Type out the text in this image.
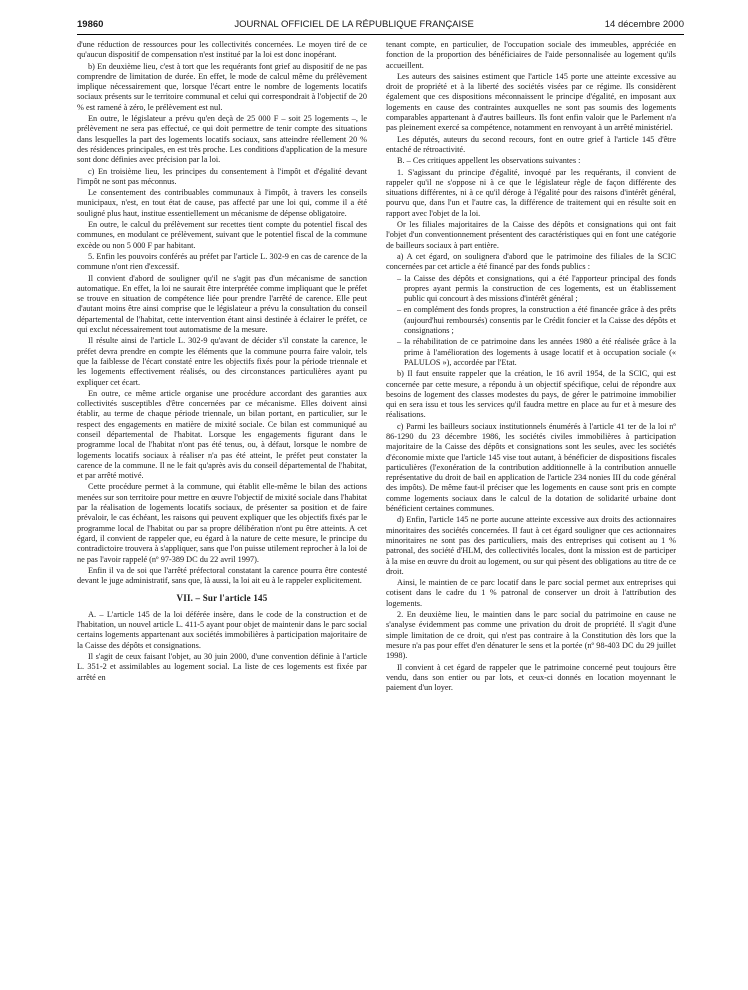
19860	JOURNAL OFFICIEL DE LA RÉPUBLIQUE FRANÇAISE	14 décembre 2000

d'une réduction de ressources pour les collectivités concernées. Le moyen tiré de ce qu'aucun dispositif de compensation n'est institué par la loi est donc inopérant.

b) En deuxième lieu, c'est à tort que les requérants font grief au dispositif de ne pas comprendre de limitation de durée. En effet, le mode de calcul même du prélèvement implique nécessairement que, lorsque l'écart entre le nombre de logements locatifs sociaux présents sur le territoire communal et celui qui correspondrait à l'objectif de 20 % est ramené à zéro, le prélèvement est nul.

En outre, le législateur a prévu qu'en deçà de 25 000 F – soit 25 logements –, le prélèvement ne sera pas effectué, ce qui doit permettre de tenir compte des situations dans lesquelles la part des logements locatifs sociaux, sans atteindre réellement 20 % des résidences principales, en est très proche. Les conditions d'application de la mesure sont donc définies avec précision par la loi.

c) En troisième lieu, les principes du consentement à l'impôt et d'égalité devant l'impôt ne sont pas méconnus.

Le consentement des contribuables communaux à l'impôt, à travers les conseils municipaux, n'est, en tout état de cause, pas affecté par une loi qui, comme il a été souligné plus haut, institue essentiellement un mécanisme de dépense obligatoire.

En outre, le calcul du prélèvement sur recettes tient compte du potentiel fiscal des communes, en modulant ce prélèvement, suivant que le potentiel fiscal de la commune excède ou non 5 000 F par habitant.

5. Enfin les pouvoirs conférés au préfet par l'article L. 302-9 en cas de carence de la commune n'ont rien d'excessif.

Il convient d'abord de souligner qu'il ne s'agit pas d'un mécanisme de sanction automatique. En effet, la loi ne saurait être interprétée comme impliquant que le préfet se trouve en situation de compétence liée pour prendre l'arrêté de carence. Elle peut d'autant moins être ainsi comprise que le législateur a prévu la consultation du conseil départemental de l'habitat, cette intervention étant ainsi destinée à éclairer le préfet, ce qui exclut nécessairement tout automatisme de la mesure.

Il résulte ainsi de l'article L. 302-9 qu'avant de décider s'il constate la carence, le préfet devra prendre en compte les éléments que la commune pourra faire valoir, tels que la faiblesse de l'écart constaté entre les objectifs fixés pour la période triennale et les logements effectivement réalisés, ou des circonstances particulières ayant pu expliquer cet écart.

En outre, ce même article organise une procédure accordant des garanties aux collectivités susceptibles d'être concernées par ce mécanisme. Elles doivent ainsi établir, au terme de chaque période triennale, un bilan portant, en particulier, sur le respect des engagements en matière de mixité sociale. Ce bilan est communiqué au conseil départemental de l'habitat. Lorsque les engagements figurant dans le programme local de l'habitat n'ont pas été tenus, ou, à défaut, lorsque le nombre de logements locatifs sociaux à réaliser n'a pas été atteint, le préfet peut constater la carence de la commune. Il ne le fait qu'après avis du conseil départemental de l'habitat, et par arrêté motivé.

Cette procédure permet à la commune, qui établit elle-même le bilan des actions menées sur son territoire pour mettre en œuvre l'objectif de mixité sociale dans l'habitat par la réalisation de logements locatifs sociaux, de présenter sa position et de faire prévaloir, le cas échéant, les raisons qui peuvent expliquer que les objectifs fixés par le programme local de l'habitat ou par sa propre délibération n'ont pu être atteints. A cet égard, il convient de rappeler que, eu égard à la nature de cette mesure, le principe du contradictoire trouvera à s'appliquer, sans que l'on puisse utilement reprocher à la loi de ne pas l'avoir rappelé (nº 97-389 DC du 22 avril 1997).

Enfin il va de soi que l'arrêté préfectoral constatant la carence pourra être contesté devant le juge administratif, sans que, là aussi, la loi ait eu à le rappeler explicitement.

VII. – Sur l'article 145

A. – L'article 145 de la loi déférée insère, dans le code de la construction et de l'habitation, un nouvel article L. 411-5 ayant pour objet de maintenir dans le parc social certains logements appartenant aux sociétés immobilières à participation majoritaire de la Caisse des dépôts et consignations.

Il s'agit de ceux faisant l'objet, au 30 juin 2000, d'une convention définie à l'article L. 351-2 et assimilables au logement social. La liste de ces logements est fixée par arrêté en

tenant compte, en particulier, de l'occupation sociale des immeubles, appréciée en fonction de la proportion des bénéficiaires de l'aide personnalisée au logement qu'ils accueillent.

Les auteurs des saisines estiment que l'article 145 porte une atteinte excessive au droit de propriété et à la liberté des sociétés visées par ce régime. Ils considèrent également que ces dispositions méconnaissent le principe d'égalité, en imposant aux logements en cause des contraintes auxquelles ne sont pas soumis des logements comparables appartenant à d'autres bailleurs. Ils font enfin valoir que le Parlement n'a pas pleinement exercé sa compétence, notamment en renvoyant à un arrêté ministériel.

Les députés, auteurs du second recours, font en outre grief à l'article 145 d'être entaché de rétroactivité.

B. – Ces critiques appellent les observations suivantes :

1. S'agissant du principe d'égalité, invoqué par les requérants, il convient de rappeler qu'il ne s'oppose ni à ce que le législateur règle de façon différente des situations différentes, ni à ce qu'il déroge à l'égalité pour des raisons d'intérêt général, pourvu que, dans l'un et l'autre cas, la différence de traitement qui en résulte soit en rapport avec l'objet de la loi.

Or les filiales majoritaires de la Caisse des dépôts et consignations qui ont fait l'objet d'un conventionnement présentent des caractéristiques qui en font une catégorie de bailleurs sociaux à part entière.

a) A cet égard, on soulignera d'abord que le patrimoine des filiales de la SCIC concernées par cet article a été financé par des fonds publics :

– la Caisse des dépôts et consignations, qui a été l'apporteur principal des fonds propres ayant permis la construction de ces logements, est un établissement public qui concourt à des missions d'intérêt général ;

– en complément des fonds propres, la construction a été financée grâce à des prêts (aujourd'hui remboursés) consentis par le Crédit foncier et la Caisse des dépôts et consignations ;

– la réhabilitation de ce patrimoine dans les années 1980 a été réalisée grâce à la prime à l'amélioration des logements à usage locatif et à occupation sociale (« PALULOS »), accordée par l'Etat.

b) Il faut ensuite rappeler que la création, le 16 avril 1954, de la SCIC, qui est concernée par cette mesure, a répondu à un objectif spécifique, celui de répondre aux besoins de logement des classes modestes du pays, de gérer le patrimoine immobilier qui en sera issu et tous les services qu'il faudra mettre en place au fur et à mesure des réalisations.

c) Parmi les bailleurs sociaux institutionnels énumérés à l'article 41 ter de la loi nº 86-1290 du 23 décembre 1986, les sociétés civiles immobilières à participation majoritaire de la Caisse des dépôts et consignations sont les seules, avec les sociétés d'économie mixte que l'article 145 vise tout autant, à bénéficier de dispositions fiscales particulières (l'exonération de la contribution additionnelle à la contribution annuelle représentative du droit de bail en application de l'article 234 nonies III du code général des impôts). De même faut-il préciser que les logements en cause sont pris en compte comme logements sociaux dans le calcul de la dotation de solidarité urbaine dont bénéficient certaines communes.

d) Enfin, l'article 145 ne porte aucune atteinte excessive aux droits des actionnaires minoritaires des sociétés concernées. Il faut à cet égard souligner que ces actionnaires minoritaires ne sont pas des particuliers, mais des entreprises qui cotisent au 1 % patronal, des société d'HLM, des collectivités locales, dont la mission est de participer à la mise en œuvre du droit au logement, ou sur qui pèsent des obligations au titre de ce droit.

Ainsi, le maintien de ce parc locatif dans le parc social permet aux entreprises qui cotisent dans le cadre du 1 % patronal de conserver un droit à l'attribution des logements.

2. En deuxième lieu, le maintien dans le parc social du patrimoine en cause ne s'analyse évidemment pas comme une privation du droit de propriété. Il s'agit d'une simple limitation de ce droit, qui n'est pas contraire à la Constitution dès lors que la mesure n'a pas pour effet d'en dénaturer le sens et la portée (nº 98-403 DC du 29 juillet 1998).

Il convient à cet égard de rappeler que le patrimoine concerné peut toujours être vendu, dans son entier ou par lots, et ceux-ci donnés en location moyennant le paiement d'un loyer.
